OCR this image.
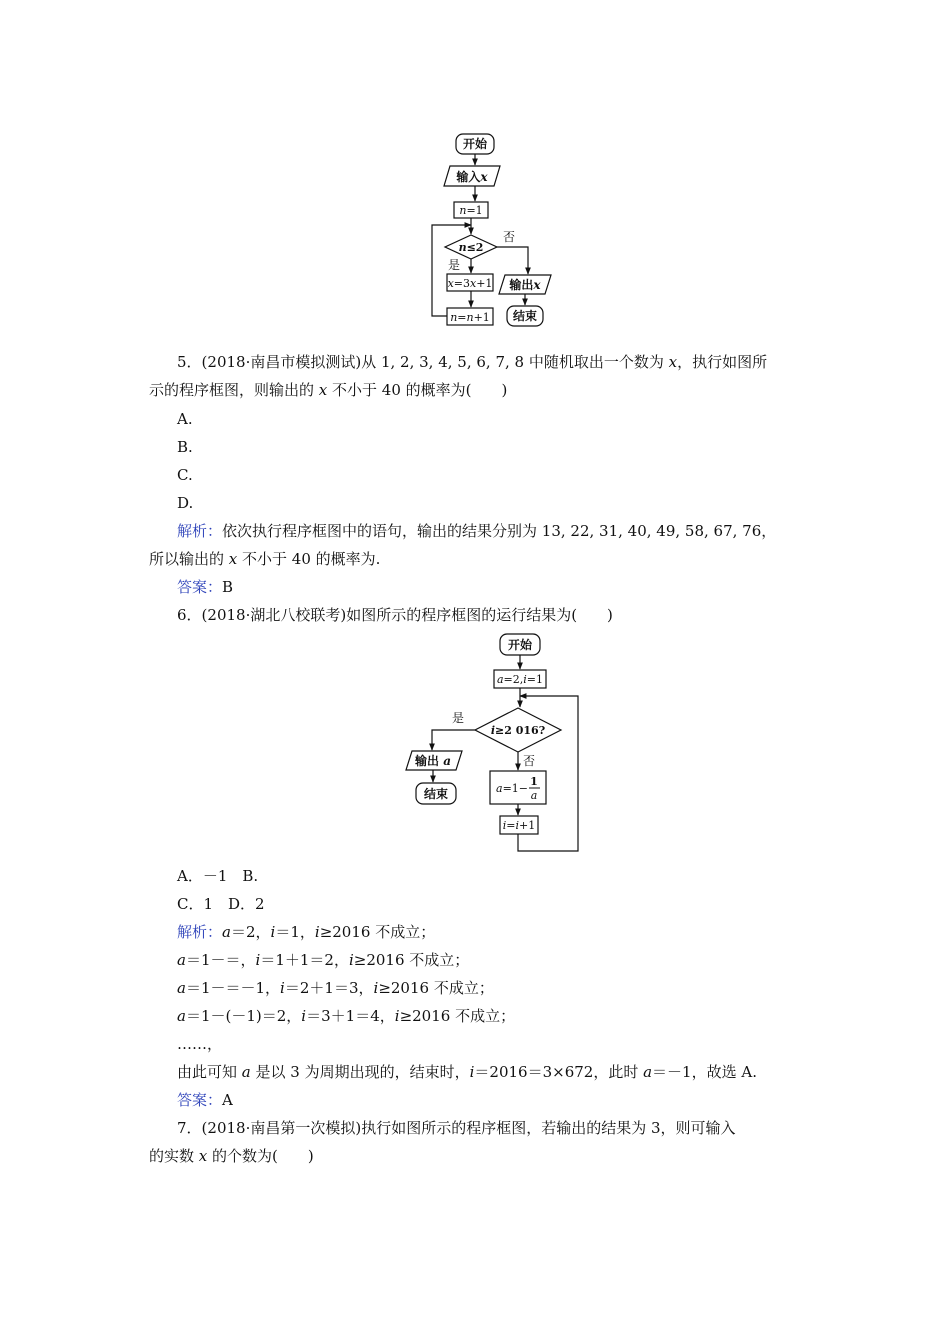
开始
输入x
n=1
n≤2
否
是
x=3x+1
n=n+1
输出x
结束
5．(2018·南昌市模拟测试)从 1, 2, 3, 4, 5, 6, 7, 8 中随机取出一个数为 x，执行如图所
示的程序框图，则输出的 x 不小于 40 的概率为(　　)
A.
B.
C.
D.
解析：依次执行程序框图中的语句，输出的结果分别为 13, 22, 31, 40, 49, 58, 67, 76，
所以输出的 x 不小于 40 的概率为.
答案：B
6．(2018·湖北八校联考)如图所示的程序框图的运行结果为(　　)
开始
a=2,i=1
i≥2 016?
是
否
输出 a
结束	a=1−
1
a
i=i+1
A．－1　B.
C．1　D．2
解析：a＝2，i＝1，i≥2016 不成立；
a＝1－＝，i＝1＋1＝2，i≥2016 不成立；
a＝1－＝－1，i＝2＋1＝3，i≥2016 不成立；
a＝1－(－1)＝2，i＝3＋1＝4，i≥2016 不成立；
……，
由此可知 a 是以 3 为周期出现的，结束时，i＝2016＝3×672，此时 a＝－1，故选 A.
答案：A
7．(2018·南昌第一次模拟)执行如图所示的程序框图，若输出的结果为 3，则可输入
的实数 x 的个数为(　　)
